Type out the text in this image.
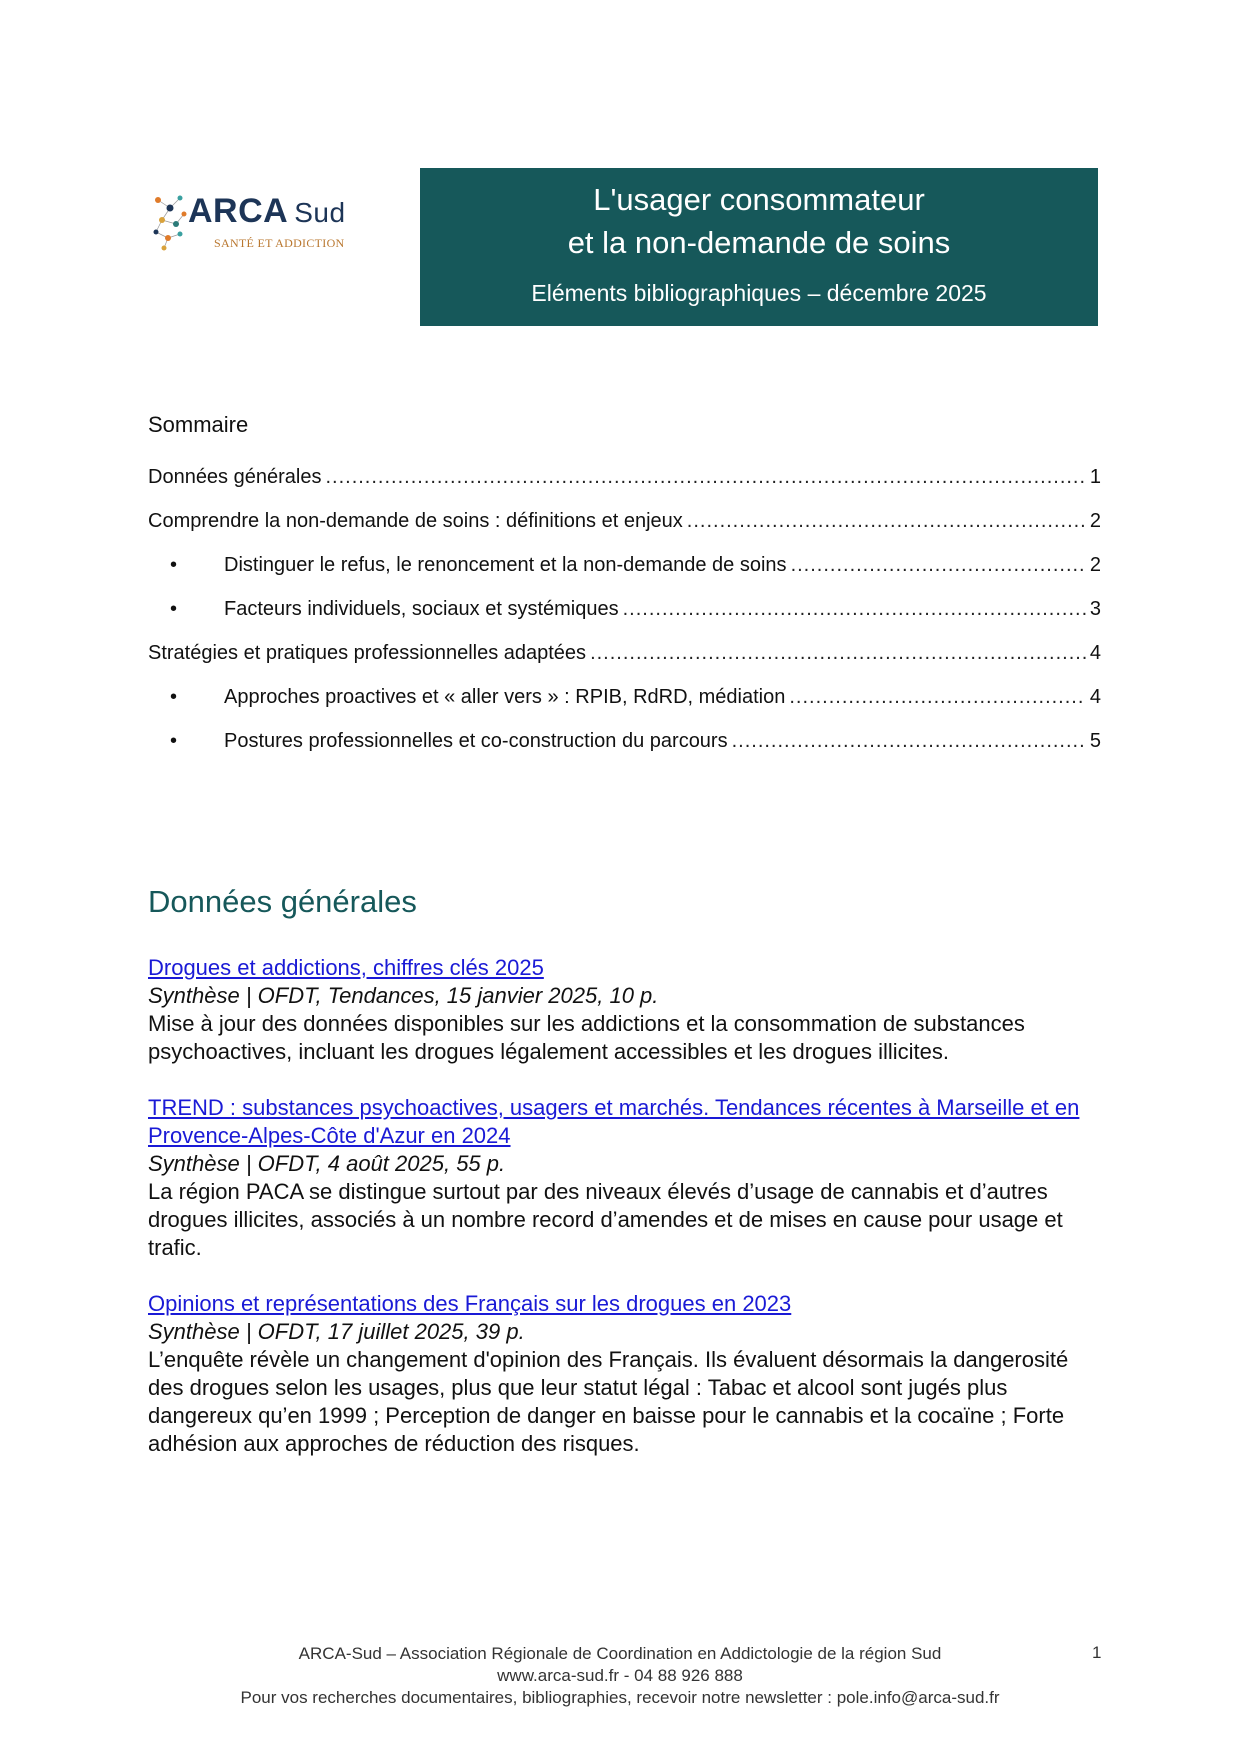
ARCA Sud
SANTÉ ET ADDICTION
L'usager consommateur
et la non-demande de soins
Eléments bibliographiques – décembre 2025
Sommaire
Données générales .....	1
Comprendre la non-demande de soins : définitions et enjeux .....	2
• Distinguer le refus, le renoncement et la non-demande de soins .....	2
• Facteurs individuels, sociaux et systémiques .....	3
Stratégies et pratiques professionnelles adaptées .....	4
• Approches proactives et « aller vers » : RPIB, RdRD, médiation .....	4
• Postures professionnelles et co-construction du parcours .....	5
Données générales
Drogues et addictions, chiffres clés 2025
Synthèse | OFDT, Tendances, 15 janvier 2025, 10 p.
Mise à jour des données disponibles sur les addictions et la consommation de substances psychoactives, incluant les drogues légalement accessibles et les drogues illicites.
TREND : substances psychoactives, usagers et marchés. Tendances récentes à Marseille et en Provence-Alpes-Côte d'Azur en 2024
Synthèse | OFDT, 4 août 2025, 55 p.
La région PACA se distingue surtout par des niveaux élevés d’usage de cannabis et d’autres drogues illicites, associés à un nombre record d’amendes et de mises en cause pour usage et trafic.
Opinions et représentations des Français sur les drogues en 2023
Synthèse | OFDT, 17 juillet 2025, 39 p.
L’enquête révèle un changement d'opinion des Français. Ils évaluent désormais la dangerosité des drogues selon les usages, plus que leur statut légal : Tabac et alcool sont jugés plus dangereux qu’en 1999 ; Perception de danger en baisse pour le cannabis et la cocaïne ; Forte adhésion aux approches de réduction des risques.
ARCA-Sud – Association Régionale de Coordination en Addictologie de la région Sud
www.arca-sud.fr - 04 88 926 888
Pour vos recherches documentaires, bibliographies, recevoir notre newsletter : pole.info@arca-sud.fr
1
